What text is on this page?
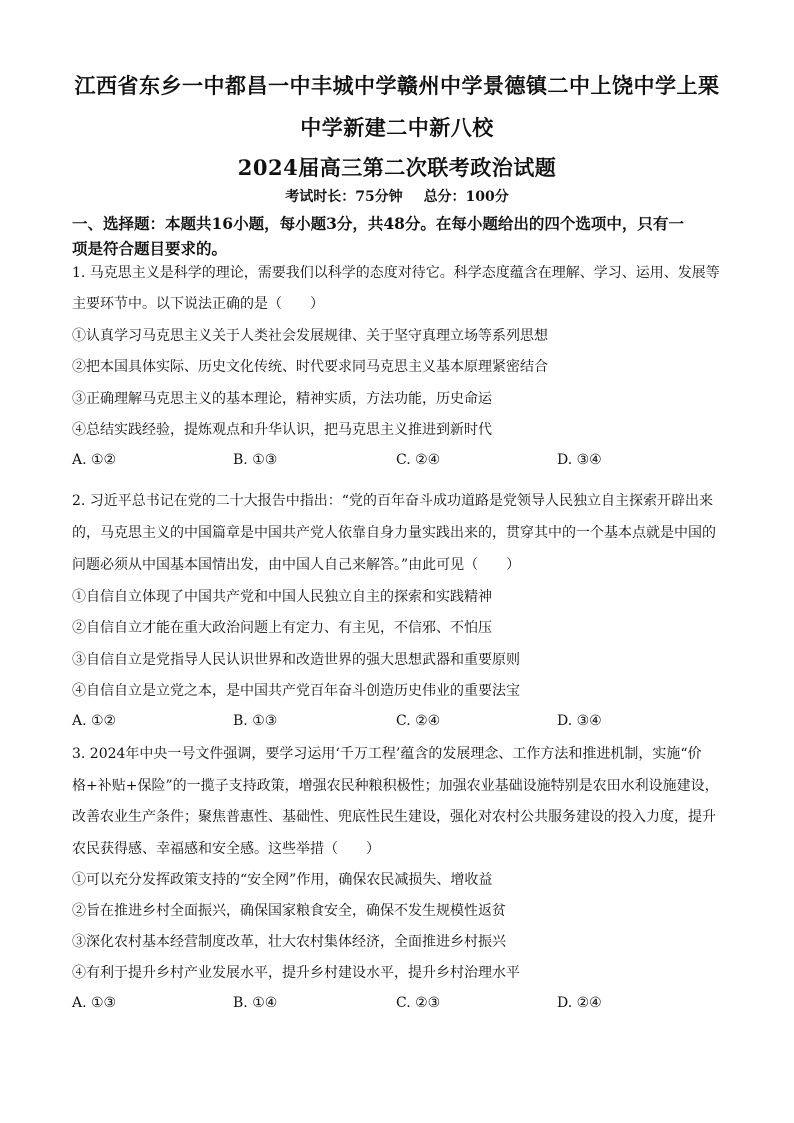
江西省东乡一中都昌一中丰城中学赣州中学景德镇二中上饶中学上栗
中学新建二中新八校
2024届高三第二次联考政治试题
考试时长：75分钟 总分：100分
一、选择题：本题共16小题，每小题3分，共48分。在每小题给出的四个选项中，只有一
项是符合题目要求的。
1. 马克思主义是科学的理论，需要我们以科学的态度对待它。科学态度蕴含在理解、学习、运用、发展等
主要环节中。以下说法正确的是（　　）
①认真学习马克思主义关于人类社会发展规律、关于坚守真理立场等系列思想
②把本国具体实际、历史文化传统、时代要求同马克思主义基本原理紧密结合
③正确理解马克思主义的基本理论，精神实质，方法功能，历史命运
④总结实践经验，提炼观点和升华认识，把马克思主义推进到新时代
A. ①②	B. ①③	C. ②④	D. ③④
2. 习近平总书记在党的二十大报告中指出：“党的百年奋斗成功道路是党领导人民独立自主探索开辟出来
的，马克思主义的中国篇章是中国共产党人依靠自身力量实践出来的，贯穿其中的一个基本点就是中国的
问题必须从中国基本国情出发，由中国人自己来解答。”由此可见（　　）
①自信自立体现了中国共产党和中国人民独立自主的探索和实践精神
②自信自立才能在重大政治问题上有定力、有主见，不信邪、不怕压
③自信自立是党指导人民认识世界和改造世界的强大思想武器和重要原则
④自信自立是立党之本，是中国共产党百年奋斗创造历史伟业的重要法宝
A. ①②	B. ①③	C. ②④	D. ③④
3. 2024年中央一号文件强调，要学习运用‘千万工程’蕴含的发展理念、工作方法和推进机制，实施“价
格+补贴+保险”的一揽子支持政策，增强农民种粮积极性；加强农业基础设施特别是农田水利设施建设，
改善农业生产条件；聚焦普惠性、基础性、兜底性民生建设，强化对农村公共服务建设的投入力度，提升
农民获得感、幸福感和安全感。这些举措（　　）
①可以充分发挥政策支持的“安全网”作用，确保农民减损失、增收益
②旨在推进乡村全面振兴，确保国家粮食安全，确保不发生规模性返贫
③深化农村基本经营制度改革，壮大农村集体经济，全面推进乡村振兴
④有利于提升乡村产业发展水平，提升乡村建设水平，提升乡村治理水平
A. ①③	B. ①④	C. ②③	D. ②④
